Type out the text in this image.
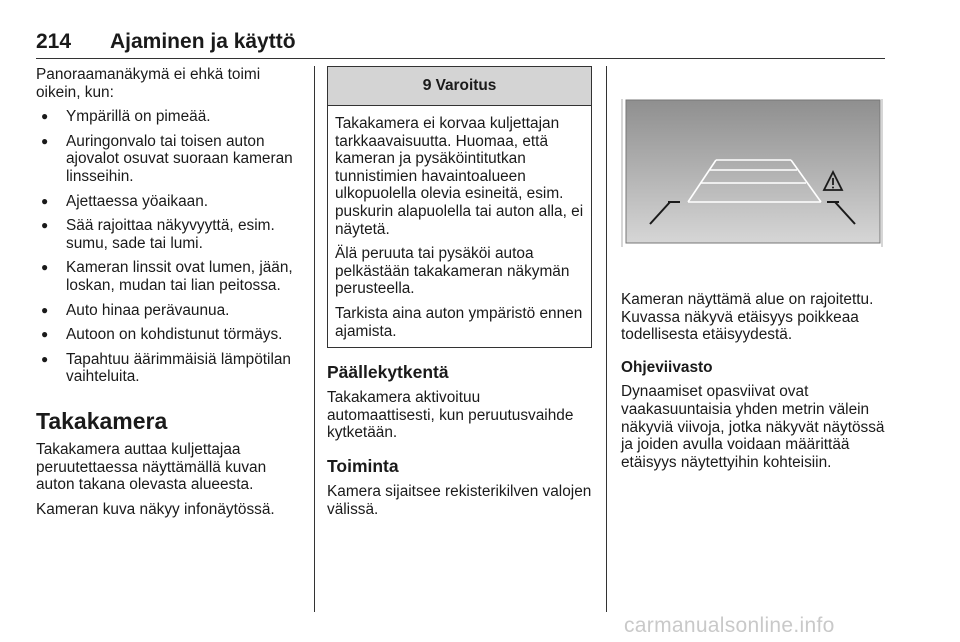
214 Ajaminen ja käyttö

Panoraamanäkymä ei ehkä toimi oikein, kun:

● Ympärillä on pimeää.
● Auringonvalo tai toisen auton ajovalot osuvat suoraan kameran linsseihin.
● Ajettaessa yöaikaan.
● Sää rajoittaa näkyvyyttä, esim. sumu, sade tai lumi.
● Kameran linssit ovat lumen, jään, loskan, mudan tai lian peitossa.
● Auto hinaa perävaunua.
● Autoon on kohdistunut törmäys.
● Tapahtuu äärimmäisiä lämpötilan vaihteluita.
Takakamera

Takakamera auttaa kuljettajaa peruutettaessa näyttämällä kuvan auton takana olevasta alueesta.

Kameran kuva näkyy infonäytössä.

9 Varoitus

Takakamera ei korvaa kuljettajan tarkkaavaisuutta. Huomaa, että kameran ja pysäköintitutkan tunnistimien havaintoalueen ulkopuolella olevia esineitä, esim. puskurin alapuolella tai auton alla, ei näytetä.

Älä peruuta tai pysäköi autoa pelkästään takakameran näkymän perusteella.

Tarkista aina auton ympäristö ennen ajamista.

Päällekytkentä

Takakamera aktivoituu automaattisesti, kun peruutusvaihde kytketään.

Toiminta

Kamera sijaitsee rekisterikilven valojen välissä.

Kameran näyttämä alue on rajoitettu. Kuvassa näkyvä etäisyys poikkeaa todellisesta etäisyydestä.

Ohjeviivasto

Dynaamiset opasviivat ovat vaakasuuntaisia yhden metrin välein näkyviä viivoja, jotka näkyvät näytössä ja joiden avulla voidaan määrittää etäisyys näytettyihin kohteisiin.

carmanualsonline.info
